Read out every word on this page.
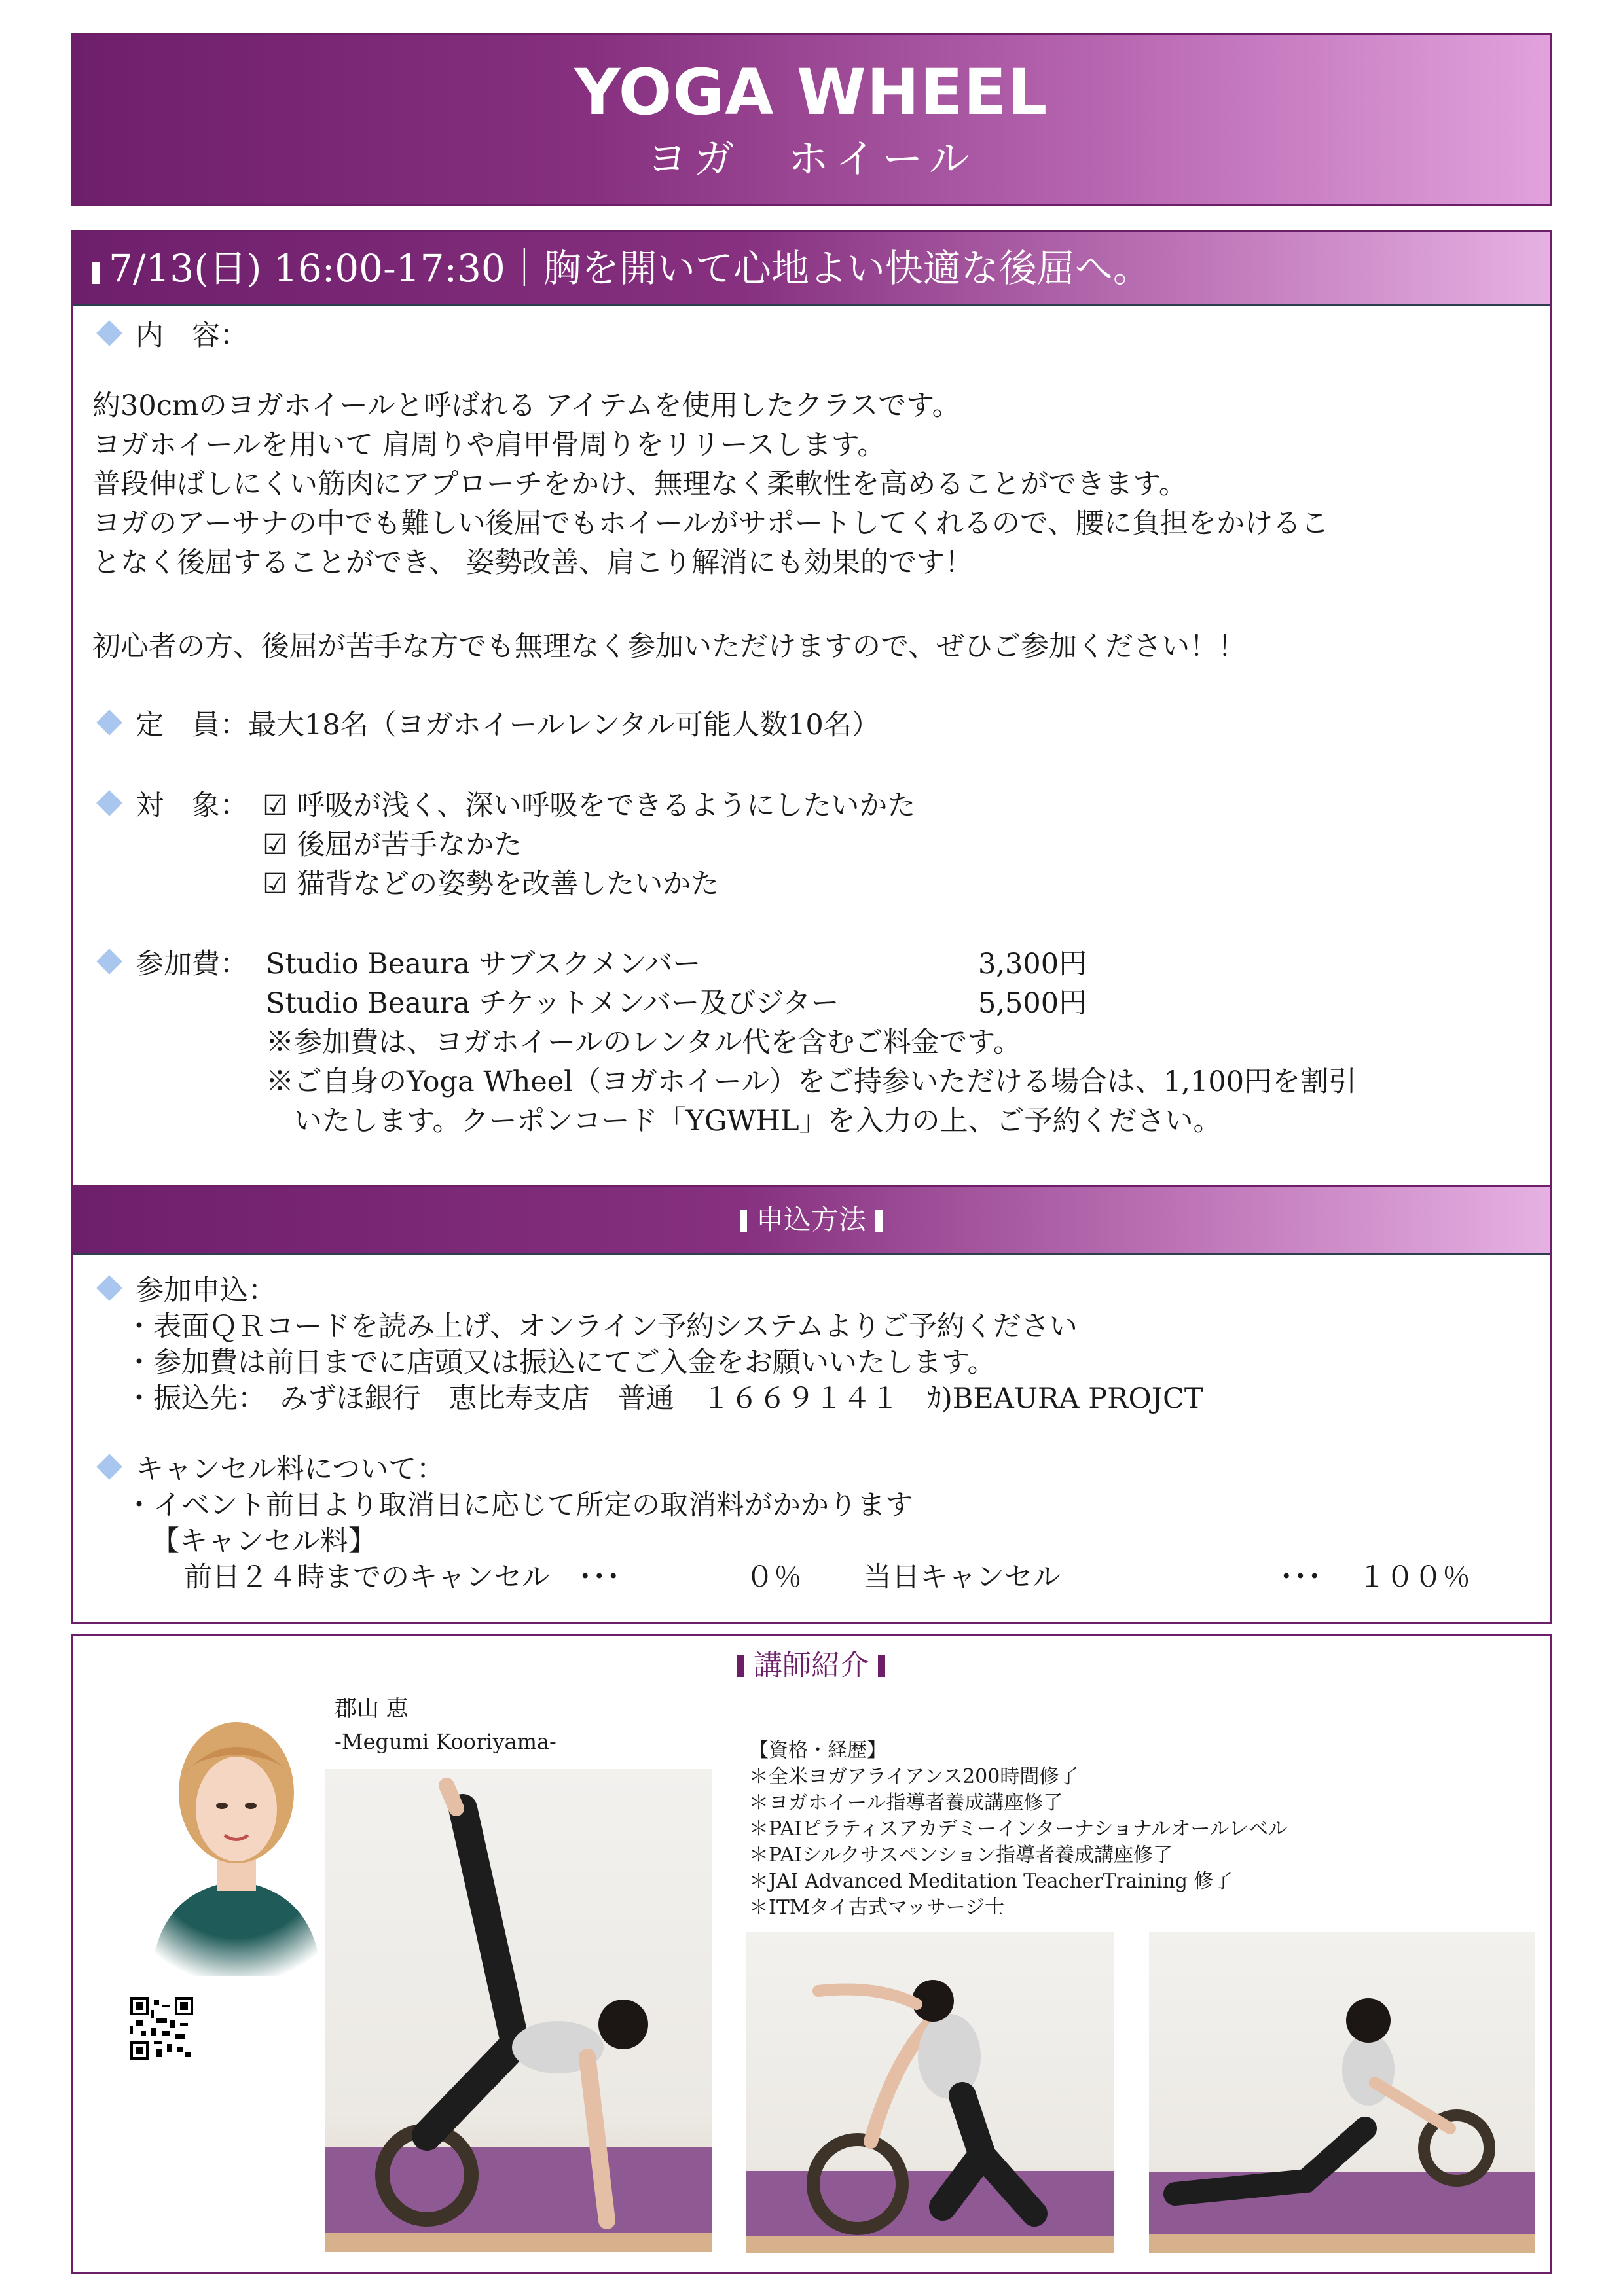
YOGA WHEEL
ヨガ　ホイール
7/13(日) 16:00-17:30｜胸を開いて心地よい快適な後屈へ。
内　容：
約30cmのヨガホイールと呼ばれる アイテムを使用したクラスです。
ヨガホイールを用いて 肩周りや肩甲骨周りをリリースします。
普段伸ばしにくい筋肉にアプローチをかけ、無理なく柔軟性を高めることができます。
ヨガのアーサナの中でも難しい後屈でもホイールがサポートしてくれるので、腰に負担をかけるこ
となく後屈することができ、 姿勢改善、肩こり解消にも効果的です！
初心者の方、後屈が苦手な方でも無理なく参加いただけますので、ぜひご参加ください！！
定　員：最大18名（ヨガホイールレンタル可能人数10名）
対　象： ☑ 呼吸が浅く、深い呼吸をできるようにしたいかた
☑ 後屈が苦手なかた
☑ 猫背などの姿勢を改善したいかた
参加費： Studio Beaura サブスクメンバー	3,300円
Studio Beaura チケットメンバー及びジター	5,500円
※参加費は、ヨガホイールのレンタル代を含むご料金です。
※ご自身のYoga Wheel（ヨガホイール）をご持参いただける場合は、1,100円を割引
　いたします。クーポンコード「YGWHL」を入力の上、ご予約ください。
申込方法
参加申込：
・表面ＱＲコードを読み上げ、オンライン予約システムよりご予約ください
・参加費は前日までに店頭又は振込にてご入金をお願いいたします。
・振込先：　みずほ銀行　恵比寿支店　普通　１６６９１４１　ｶ)BEAURA PROJCT
キャンセル料について：
・イベント前日より取消日に応じて所定の取消料がかかります
【キャンセル料】
前日２４時までのキャンセル　･･･	０％ 当日キャンセル	･･･ １００％
講師紹介
郡山 恵
-Megumi Kooriyama-	【資格・経歴】
＊全米ヨガアライアンス200時間修了
＊ヨガホイール指導者養成講座修了
＊PAIピラティスアカデミーインターナショナルオールレベル
＊PAIシルクサスペンション指導者養成講座修了
＊JAI Advanced Meditation TeacherTraining 修了
＊ITMタイ古式マッサージ士
